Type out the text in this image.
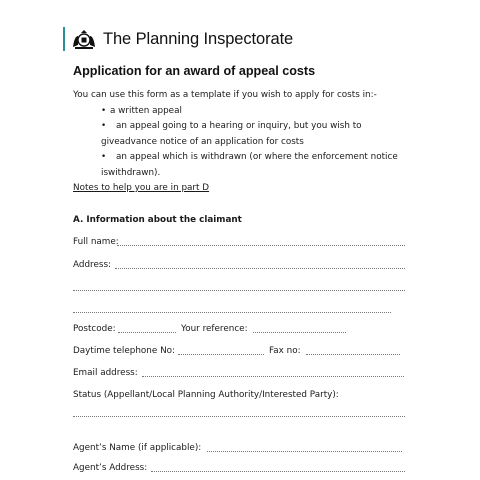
The Planning Inspectorate
Application for an award of appeal costs
You can use this form as a template if you wish to apply for costs in:-
• a written appeal
• an appeal going to a hearing or inquiry, but you wish to
giveadvance notice of an application for costs
• an appeal which is withdrawn (or where the enforcement notice
iswithdrawn).
Notes to help you are in part D
A. Information about the claimant
Full name:
Address:
Postcode:	Your reference:
Daytime telephone No:	Fax no:
Email address:
Status (Appellant/Local Planning Authority/Interested Party):
Agent’s Name (if applicable):
Agent’s Address:
